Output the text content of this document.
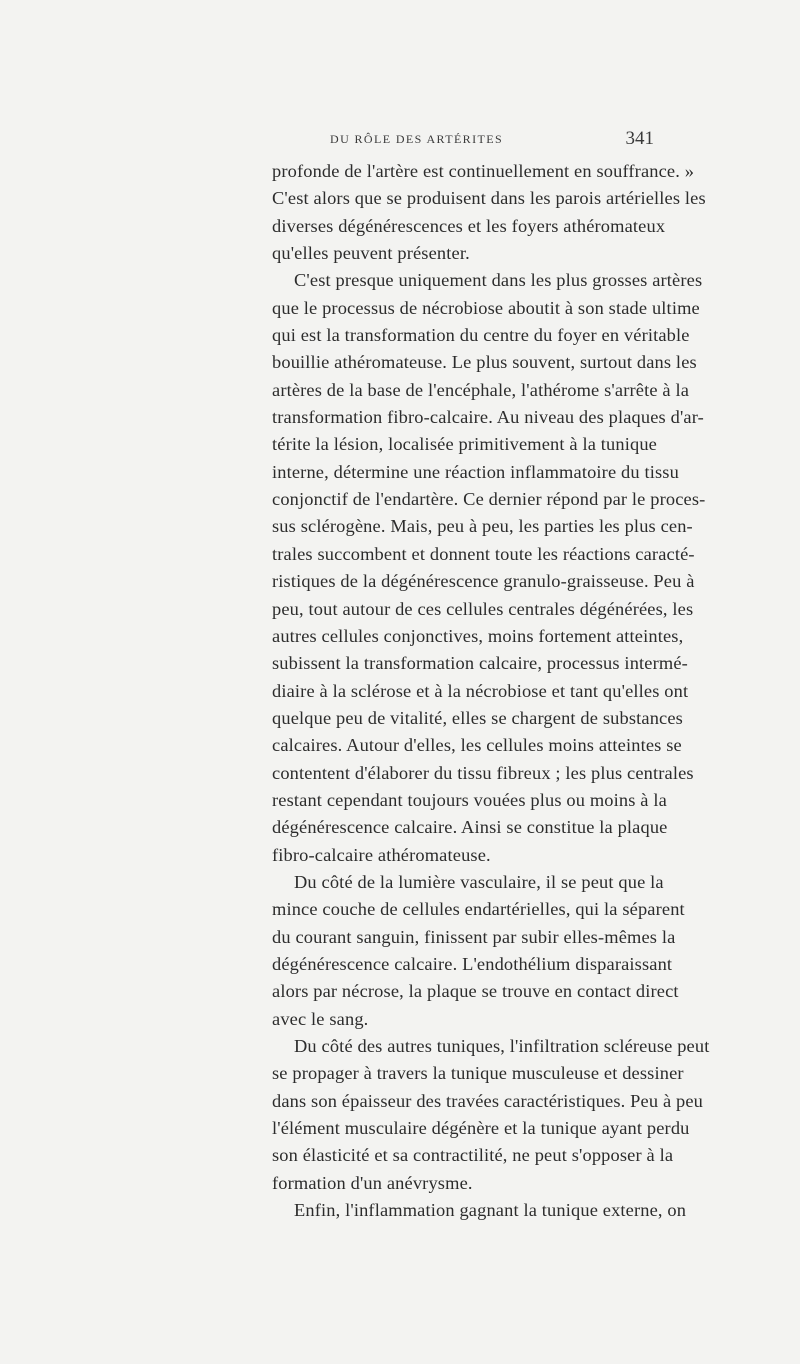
DU RÔLE DES ARTÉRITES	341
profonde de l'artère est continuellement en souffrance. »
C'est alors que se produisent dans les parois artérielles les
diverses dégénérescences et les foyers athéromateux
qu'elles peuvent présenter.
C'est presque uniquement dans les plus grosses artères
que le processus de nécrobiose aboutit à son stade ultime
qui est la transformation du centre du foyer en véritable
bouillie athéromateuse. Le plus souvent, surtout dans les
artères de la base de l'encéphale, l'athérome s'arrête à la
transformation fibro-calcaire. Au niveau des plaques d'ar-
térite la lésion, localisée primitivement à la tunique
interne, détermine une réaction inflammatoire du tissu
conjonctif de l'endartère. Ce dernier répond par le proces-
sus sclérogène. Mais, peu à peu, les parties les plus cen-
trales succombent et donnent toute les réactions caracté-
ristiques de la dégénérescence granulo-graisseuse. Peu à
peu, tout autour de ces cellules centrales dégénérées, les
autres cellules conjonctives, moins fortement atteintes,
subissent la transformation calcaire, processus intermé-
diaire à la sclérose et à la nécrobiose et tant qu'elles ont
quelque peu de vitalité, elles se chargent de substances
calcaires. Autour d'elles, les cellules moins atteintes se
contentent d'élaborer du tissu fibreux ; les plus centrales
restant cependant toujours vouées plus ou moins à la
dégénérescence calcaire. Ainsi se constitue la plaque
fibro-calcaire athéromateuse.
Du côté de la lumière vasculaire, il se peut que la
mince couche de cellules endartérielles, qui la séparent
du courant sanguin, finissent par subir elles-mêmes la
dégénérescence calcaire. L'endothélium disparaissant
alors par nécrose, la plaque se trouve en contact direct
avec le sang.
Du côté des autres tuniques, l'infiltration scléreuse peut
se propager à travers la tunique musculeuse et dessiner
dans son épaisseur des travées caractéristiques. Peu à peu
l'élément musculaire dégénère et la tunique ayant perdu
son élasticité et sa contractilité, ne peut s'opposer à la
formation d'un anévrysme.
Enfin, l'inflammation gagnant la tunique externe, on
